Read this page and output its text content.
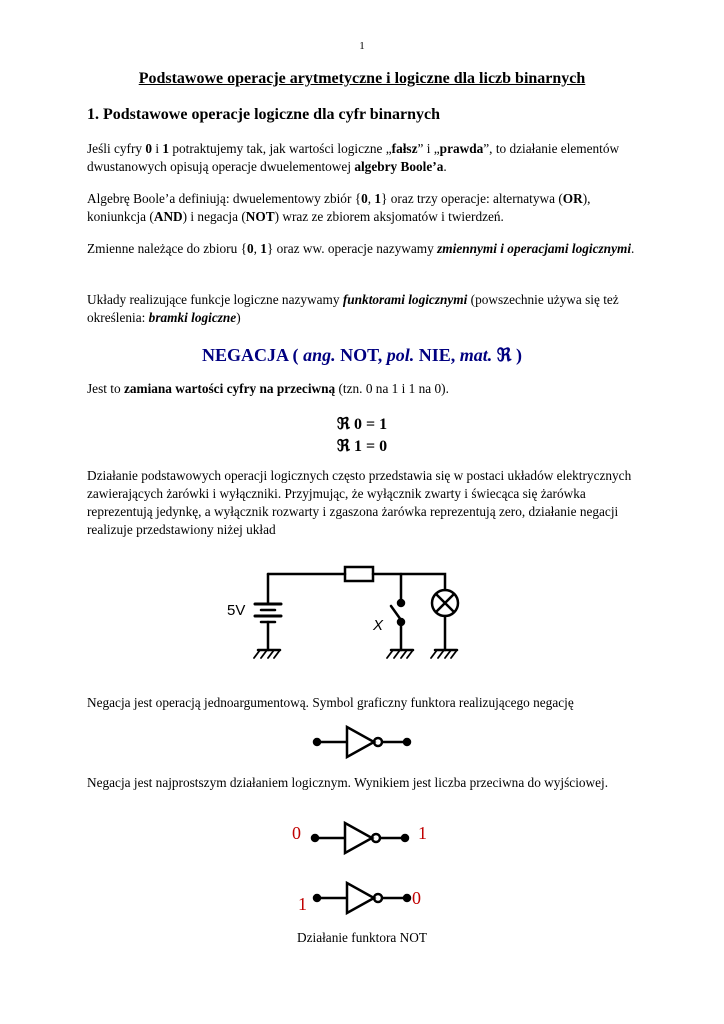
1
Podstawowe operacje arytmetyczne i logiczne dla liczb binarnych
1. Podstawowe operacje logiczne dla cyfr binarnych
Jeśli cyfry 0 i 1 potraktujemy tak, jak wartości logiczne „fałsz” i „prawda”, to działanie elementów dwustanowych opisują operacje dwuelementowej algebry Boole’a.
Algebrę Boole’a definiują: dwuelementowy zbiór {0, 1} oraz trzy operacje: alternatywa (OR), koniunkcja (AND) i negacja (NOT) wraz ze zbiorem aksjomatów i twierdzeń.
Zmienne należące do zbioru {0, 1} oraz ww. operacje nazywamy zmiennymi i operacjami logicznymi.
Układy realizujące funkcje logiczne nazywamy funktorami logicznymi (powszechnie używa się też określenia: bramki logiczne)
NEGACJA ( ang. NOT, pol. NIE, mat. ℜ )
Jest to zamiana wartości cyfry na przeciwną (tzn. 0 na 1 i 1 na 0).
ℜ 0 = 1
ℜ 1 = 0
Działanie podstawowych operacji logicznych często przedstawia się w postaci układów elektrycznych zawierających żarówki i wyłączniki. Przyjmując, że wyłącznik zwarty i świecąca się żarówka reprezentują jedynkę, a wyłącznik rozwarty i zgaszona żarówka reprezentują zero, działanie negacji realizuje przedstawiony niżej układ
5V
X
Negacja jest operacją jednoargumentową. Symbol graficzny funktora realizującego negację
Negacja jest najprostszym działaniem logicznym. Wynikiem jest liczba przeciwna do wyjściowej.
0	1
1	0
Działanie funktora NOT
